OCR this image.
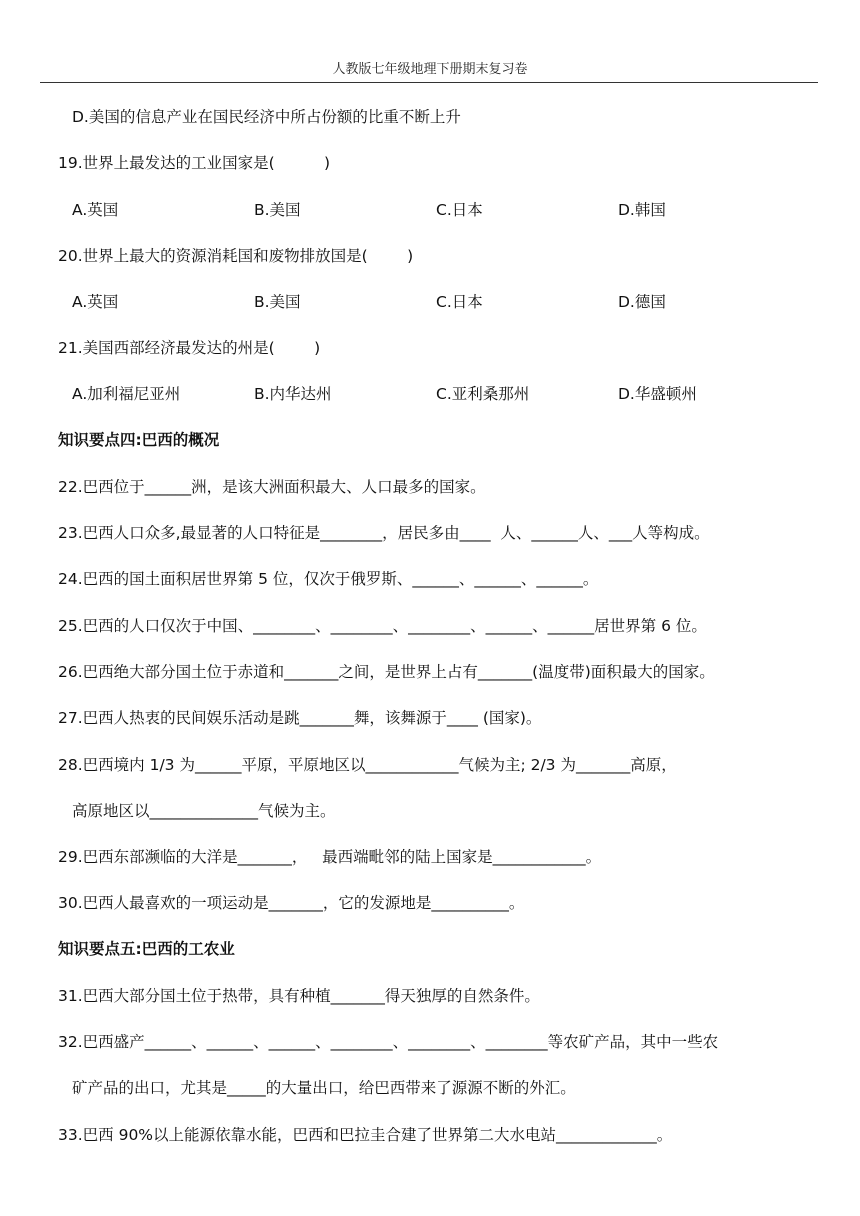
人教版七年级地理下册期末复习卷
D.美国的信息产业在国民经济中所占份额的比重不断上升
19.世界上最发达的工业国家是(          )
A.英国	B.美国	C.日本	D.韩国
20.世界上最大的资源消耗国和废物排放国是(        )
A.英国	B.美国	C.日本	D.德国
21.美国西部经济最发达的州是(        )
A.加利福尼亚州	B.内华达州	C.亚利桑那州	D.华盛顿州
知识要点四:巴西的概况
22.巴西位于______洲，是该大洲面积最大、人口最多的国家。
23.巴西人口众多,最显著的人口特征是________，居民多由____  人、______人、___人等构成。
24.巴西的国土面积居世界第 5 位，仅次于俄罗斯、______、______、______。
25.巴西的人口仅次于中国、________、________、________、______、______居世界第 6 位。
26.巴西绝大部分国土位于赤道和_______之间，是世界上占有_______(温度带)面积最大的国家。
27.巴西人热衷的民间娱乐活动是跳_______舞，该舞源于____ (国家)。
28.巴西境内 1/3 为______平原，平原地区以____________气候为主; 2/3 为_______高原，
高原地区以______________气候为主。
29.巴西东部濒临的大洋是_______，   最西端毗邻的陆上国家是____________。
30.巴西人最喜欢的一项运动是_______，它的发源地是__________。
知识要点五:巴西的工农业
31.巴西大部分国土位于热带，具有种植_______得天独厚的自然条件。
32.巴西盛产______、______、______、________、________、________等农矿产品，其中一些农
矿产品的出口，尤其是_____的大量出口，给巴西带来了源源不断的外汇。
33.巴西 90%以上能源依靠水能，巴西和巴拉圭合建了世界第二大水电站_____________。
